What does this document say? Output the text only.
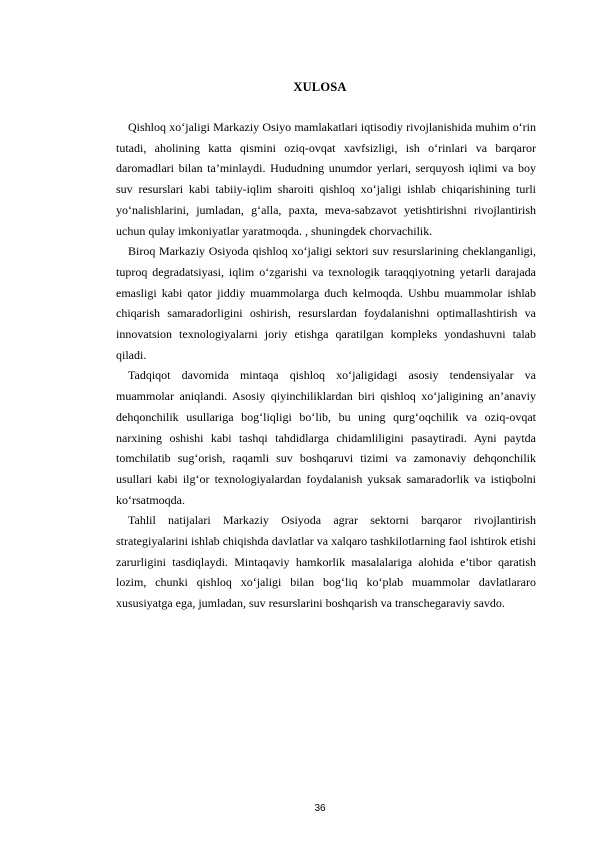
XULOSA

Qishloq xo‘jaligi Markaziy Osiyo mamlakatlari iqtisodiy rivojlanishida muhim o‘rin tutadi, aholining katta qismini oziq-ovqat xavfsizligi, ish o‘rinlari va barqaror daromadlari bilan ta’minlaydi. Hududning unumdor yerlari, serquyosh iqlimi va boy suv resurslari kabi tabiiy-iqlim sharoiti qishloq xo‘jaligi ishlab chiqarishining turli yo‘nalishlarini, jumladan, g‘alla, paxta, meva-sabzavot yetishtirishni rivojlantirish uchun qulay imkoniyatlar yaratmoqda. , shuningdek chorvachilik.

Biroq Markaziy Osiyoda qishloq xo‘jaligi sektori suv resurslarining cheklanganligi, tuproq degradatsiyasi, iqlim o‘zgarishi va texnologik taraqqiyotning yetarli darajada emasligi kabi qator jiddiy muammolarga duch kelmoqda. Ushbu muammolar ishlab chiqarish samaradorligini oshirish, resurslardan foydalanishni optimallashtirish va innovatsion texnologiyalarni joriy etishga qaratilgan kompleks yondashuvni talab qiladi.

Tadqiqot davomida mintaqa qishloq xo‘jaligidagi asosiy tendensiyalar va muammolar aniqlandi. Asosiy qiyinchiliklardan biri qishloq xo‘jaligining an’anaviy dehqonchilik usullariga bog‘liqligi bo‘lib, bu uning qurg‘oqchilik va oziq-ovqat narxining oshishi kabi tashqi tahdidlarga chidamliligini pasaytiradi. Ayni paytda tomchilatib sug‘orish, raqamli suv boshqaruvi tizimi va zamonaviy dehqonchilik usullari kabi ilg‘or texnologiyalardan foydalanish yuksak samaradorlik va istiqbolni ko‘rsatmoqda.

Tahlil natijalari Markaziy Osiyoda agrar sektorni barqaror rivojlantirish strategiyalarini ishlab chiqishda davlatlar va xalqaro tashkilotlarning faol ishtirok etishi zarurligini tasdiqlaydi. Mintaqaviy hamkorlik masalalariga alohida e’tibor qaratish lozim, chunki qishloq xo‘jaligi bilan bog‘liq ko‘plab muammolar davlatlararo xususiyatga ega, jumladan, suv resurslarini boshqarish va transchegaraviy savdo.

36
